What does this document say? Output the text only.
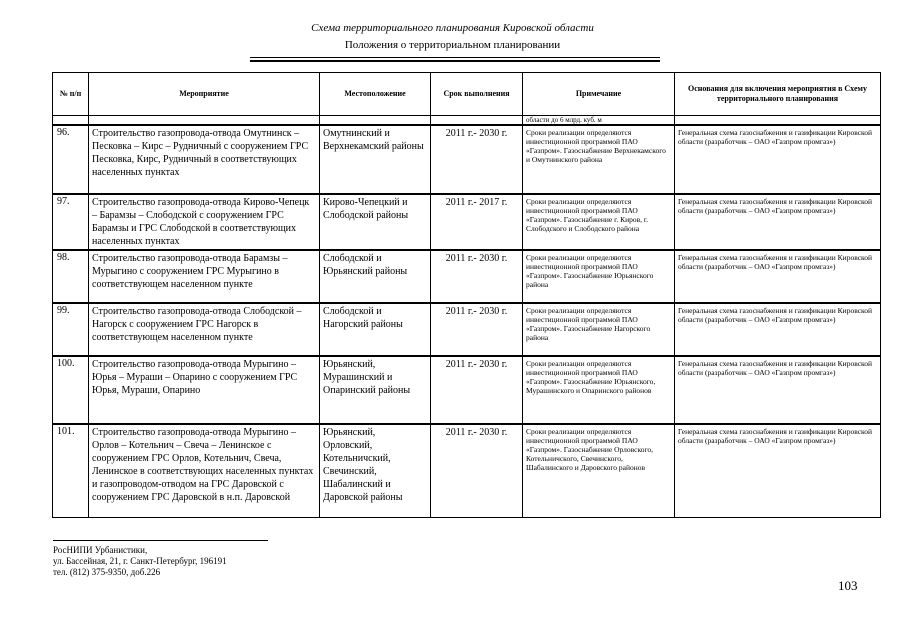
Схема территориального планирования Кировской области
Положения о территориальном планировании
№ п/п	Мероприятие	Местоположение	Срок выполнения	Примечание	Основания для включения мероприятия в Схему территориального планирования
				области до 6 млрд. куб. м	
96.	Строительство газопровода-отвода Омутнинск – Песковка – Кирс – Рудничный с сооружением ГРС Песковка, Кирс, Рудничный в соответствующих населенных пунктах	Омутнинский и Верхнекамский районы	2011 г.- 2030 г.	Сроки реализации определяются инвестиционной программой ПАО «Газпром». Газоснабжение Верхнекамского и Омутнинского района	Генеральная схема газоснабжения и газификации Кировской области (разработчик – ОАО «Газпром промгаз»)
97.	Строительство газопровода-отвода Кирово-Чепецк – Барамзы – Слободской с сооружением ГРС Барамзы и ГРС Слободской в соответствующих населенных пунктах	Кирово-Чепецкий и Слободской районы	2011 г.- 2017 г.	Сроки реализации определяются инвестиционной программой ПАО «Газпром». Газоснабжение г. Киров, г. Слободского и Слободского района	Генеральная схема газоснабжения и газификации Кировской области (разработчик – ОАО «Газпром промгаз»)
98.	Строительство газопровода-отвода Барамзы – Мурыгино с сооружением ГРС Мурыгино в соответствующем населенном пункте	Слободской и Юрьянский районы	2011 г.- 2030 г.	Сроки реализации определяются инвестиционной программой ПАО «Газпром». Газоснабжение Юрьянского района	Генеральная схема газоснабжения и газификации Кировской области (разработчик – ОАО «Газпром промгаз»)
99.	Строительство газопровода-отвода Слободской – Нагорск с сооружением ГРС Нагорск в соответствующем населенном пункте	Слободской и Нагорский районы	2011 г.- 2030 г.	Сроки реализации определяются инвестиционной программой ПАО «Газпром». Газоснабжение Нагорского района	Генеральная схема газоснабжения и газификации Кировской области (разработчик – ОАО «Газпром промгаз»)
100.	Строительство газопровода-отвода Мурыгино – Юрья – Мураши – Опарино с сооружением ГРС Юрья, Мураши, Опарино	Юрьянский, Мурашинский и Опаринский районы	2011 г.- 2030 г.	Сроки реализации определяются инвестиционной программой ПАО «Газпром». Газоснабжение Юрьянского, Мурашинского и Опаринского районов	Генеральная схема газоснабжения и газификации Кировской области (разработчик – ОАО «Газпром промгаз»)
101.	Строительство газопровода-отвода Мурыгино – Орлов – Котельнич – Свеча – Ленинское с сооружением ГРС Орлов, Котельнич, Свеча, Ленинское в соответствующих населенных пунктах и газопроводом-отводом на ГРС Даровской с сооружением ГРС Даровской в н.п. Даровской	Юрьянский, Орловский, Котельничский, Свечинский, Шабалинский и Даровской районы	2011 г.- 2030 г.	Сроки реализации определяются инвестиционной программой ПАО «Газпром». Газоснабжение Орловского, Котельничского, Свечинского, Шабалинского и Даровского районов	Генеральная схема газоснабжения и газификации Кировской области (разработчик – ОАО «Газпром промгаз»)
РосНИПИ Урбанистики,
ул. Бассейная, 21, г. Санкт-Петербург, 196191
тел. (812) 375-9350, доб.226
103
